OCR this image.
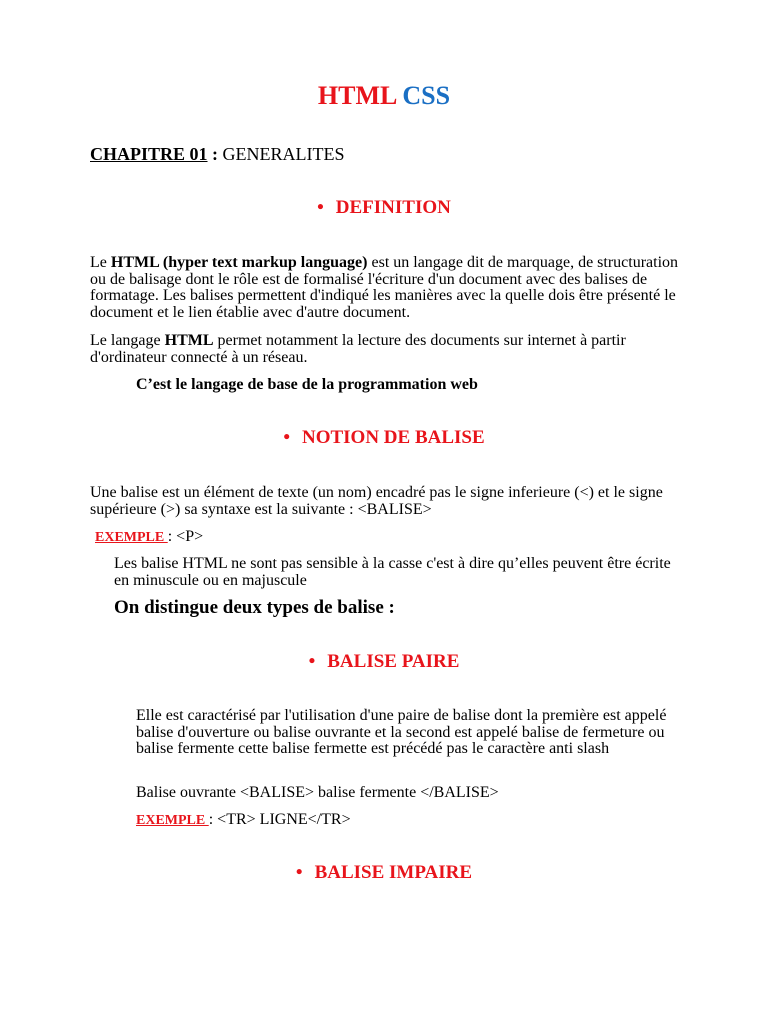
HTML CSS
CHAPITRE 01 : GENERALITES
• DEFINITION
Le HTML (hyper text markup language) est un langage dit de marquage, de structuration ou de balisage dont le rôle est de formalisé l'écriture d'un document avec des balises de formatage. Les balises permettent d'indiqué les manières avec la quelle dois être présenté le document et le lien établie avec d'autre document.
Le langage HTML permet notamment la lecture des documents sur internet à partir d'ordinateur connecté à un réseau.
C’est le langage de base de la programmation web
• NOTION DE BALISE
Une balise est un élément de texte (un nom) encadré pas le signe inferieure (<) et le signe supérieure (>) sa syntaxe est la suivante : <BALISE>
EXEMPLE : <P>
Les balise HTML ne sont pas sensible à la casse c'est à dire qu’elles peuvent être écrite en minuscule ou en majuscule
On distingue deux types de balise :
• BALISE PAIRE
Elle est caractérisé par l'utilisation d'une paire de balise dont la première est appelé balise d'ouverture ou balise ouvrante et la second est appelé balise de fermeture ou balise fermente cette balise fermette est précédé pas le caractère anti slash
Balise ouvrante <BALISE> balise fermente </BALISE>
EXEMPLE : <TR> LIGNE</TR>
• BALISE IMPAIRE
